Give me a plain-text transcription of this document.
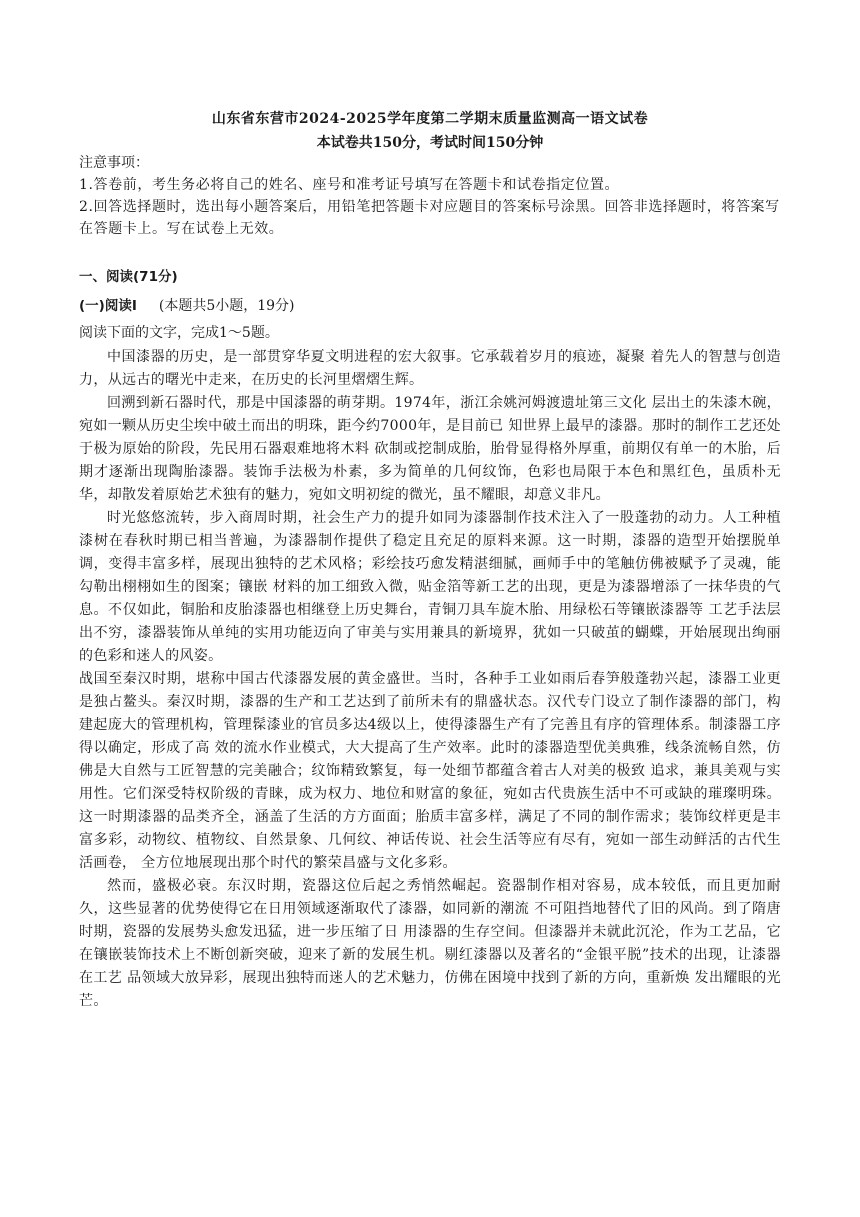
山东省东营市2024-2025学年度第二学期末质量监测高一语文试卷
本试卷共150分，考试时间150分钟

注意事项：

1.答卷前，考生务必将自己的姓名、座号和准考证号填写在答题卡和试卷指定位置。

2.回答选择题时，选出每小题答案后，用铅笔把答题卡对应题目的答案标号涂黑。回答非选择题时，将答案写在答题卡上。写在试卷上无效。

一、阅读(71分)

(一)阅读I (本题共5小题，19分)

阅读下面的文字，完成1～5题。

中国漆器的历史，是一部贯穿华夏文明进程的宏大叙事。它承载着岁月的痕迹，凝聚 着先人的智慧与创造力，从远古的曙光中走来，在历史的长河里熠熠生辉。

回溯到新石器时代，那是中国漆器的萌芽期。1974年，浙江余姚河姆渡遗址第三文化 层出土的朱漆木碗，宛如一颗从历史尘埃中破土而出的明珠，距今约7000年，是目前已 知世界上最早的漆器。那时的制作工艺还处于极为原始的阶段，先民用石器艰难地将木料 砍制或挖制成胎，胎骨显得格外厚重，前期仅有单一的木胎，后期才逐渐出现陶胎漆器。装饰手法极为朴素，多为简单的几何纹饰，色彩也局限于本色和黑红色，虽质朴无华，却散发着原始艺术独有的魅力，宛如文明初绽的微光，虽不耀眼，却意义非凡。

时光悠悠流转，步入商周时期，社会生产力的提升如同为漆器制作技术注入了一股蓬勃的动力。人工种植漆树在春秋时期已相当普遍，为漆器制作提供了稳定且充足的原料来源。这一时期，漆器的造型开始摆脱单调，变得丰富多样，展现出独特的艺术风格；彩绘技巧愈发精湛细腻，画师手中的笔触仿佛被赋予了灵魂，能勾勒出栩栩如生的图案；镶嵌 材料的加工细致入微，贴金箔等新工艺的出现，更是为漆器增添了一抹华贵的气息。不仅如此，铜胎和皮胎漆器也相继登上历史舞台，青铜刀具车旋木胎、用绿松石等镶嵌漆器等 工艺手法层出不穷，漆器装饰从单纯的实用功能迈向了审美与实用兼具的新境界，犹如一只破茧的蝴蝶，开始展现出绚丽的色彩和迷人的风姿。

战国至秦汉时期，堪称中国古代漆器发展的黄金盛世。当时，各种手工业如雨后春笋般蓬勃兴起，漆器工业更是独占鳌头。秦汉时期，漆器的生产和工艺达到了前所未有的鼎盛状态。汉代专门设立了制作漆器的部门，构建起庞大的管理机构，管理髹漆业的官员多达4级以上，使得漆器生产有了完善且有序的管理体系。制漆器工序得以确定，形成了高 效的流水作业模式，大大提高了生产效率。此时的漆器造型优美典雅，线条流畅自然，仿佛是大自然与工匠智慧的完美融合；纹饰精致繁复，每一处细节都蕴含着古人对美的极致 追求，兼具美观与实用性。它们深受特权阶级的青睐，成为权力、地位和财富的象征，宛如古代贵族生活中不可或缺的璀璨明珠。这一时期漆器的品类齐全，涵盖了生活的方方面面；胎质丰富多样，满足了不同的制作需求；装饰纹样更是丰富多彩，动物纹、植物纹、自然景象、几何纹、神话传说、社会生活等应有尽有，宛如一部生动鲜活的古代生活画卷， 全方位地展现出那个时代的繁荣昌盛与文化多彩。

然而，盛极必衰。东汉时期，瓷器这位后起之秀悄然崛起。瓷器制作相对容易，成本较低，而且更加耐久，这些显著的优势使得它在日用领域逐渐取代了漆器，如同新的潮流 不可阻挡地替代了旧的风尚。到了隋唐时期，瓷器的发展势头愈发迅猛，进一步压缩了日 用漆器的生存空间。但漆器并未就此沉沦，作为工艺品，它在镶嵌装饰技术上不断创新突破，迎来了新的发展生机。剔红漆器以及著名的“金银平脱”技术的出现，让漆器在工艺 品领域大放异彩，展现出独特而迷人的艺术魅力，仿佛在困境中找到了新的方向，重新焕 发出耀眼的光芒。
